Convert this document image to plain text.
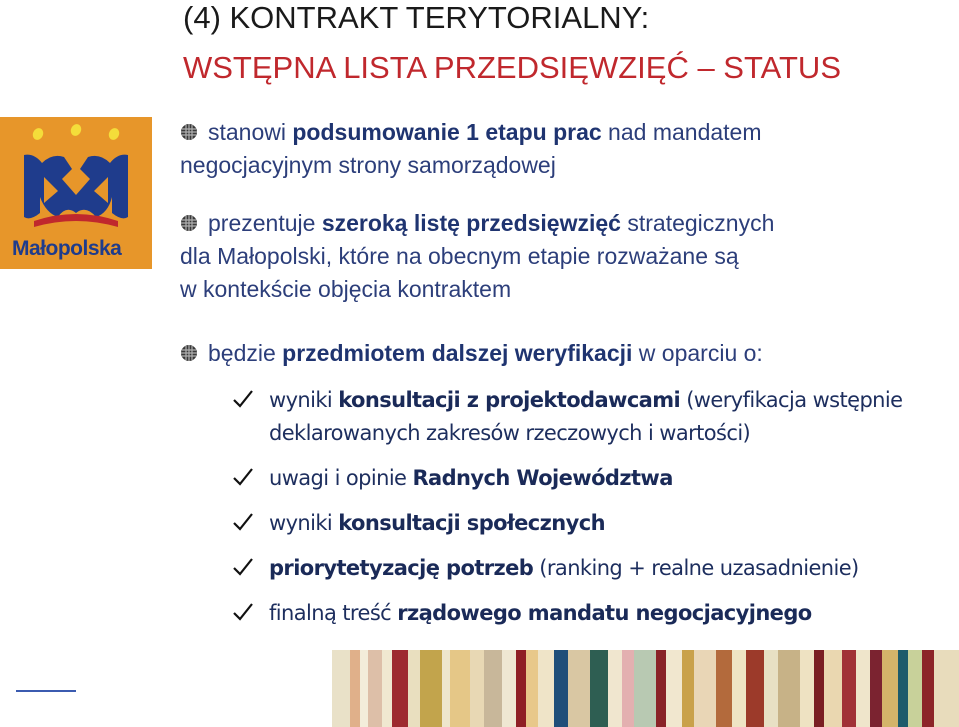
(4) KONTRAKT TERYTORIALNY:
WSTĘPNA LISTA PRZEDSIĘWZIĘĆ – STATUS
Małopolska
stanowi podsumowanie 1 etapu prac nad mandatem
negocjacyjnym strony samorządowej
prezentuje szeroką listę przedsięwzięć strategicznych
dla Małopolski, które na obecnym etapie rozważane są
w kontekście objęcia kontraktem
będzie przedmiotem dalszej weryfikacji w oparciu o:
wyniki konsultacji z projektodawcami (weryfikacja wstępnie
deklarowanych zakresów rzeczowych i wartości)
uwagi i opinie Radnych Województwa
wyniki konsultacji społecznych
priorytetyzację potrzeb (ranking + realne uzasadnienie)
finalną treść rządowego mandatu negocjacyjnego
